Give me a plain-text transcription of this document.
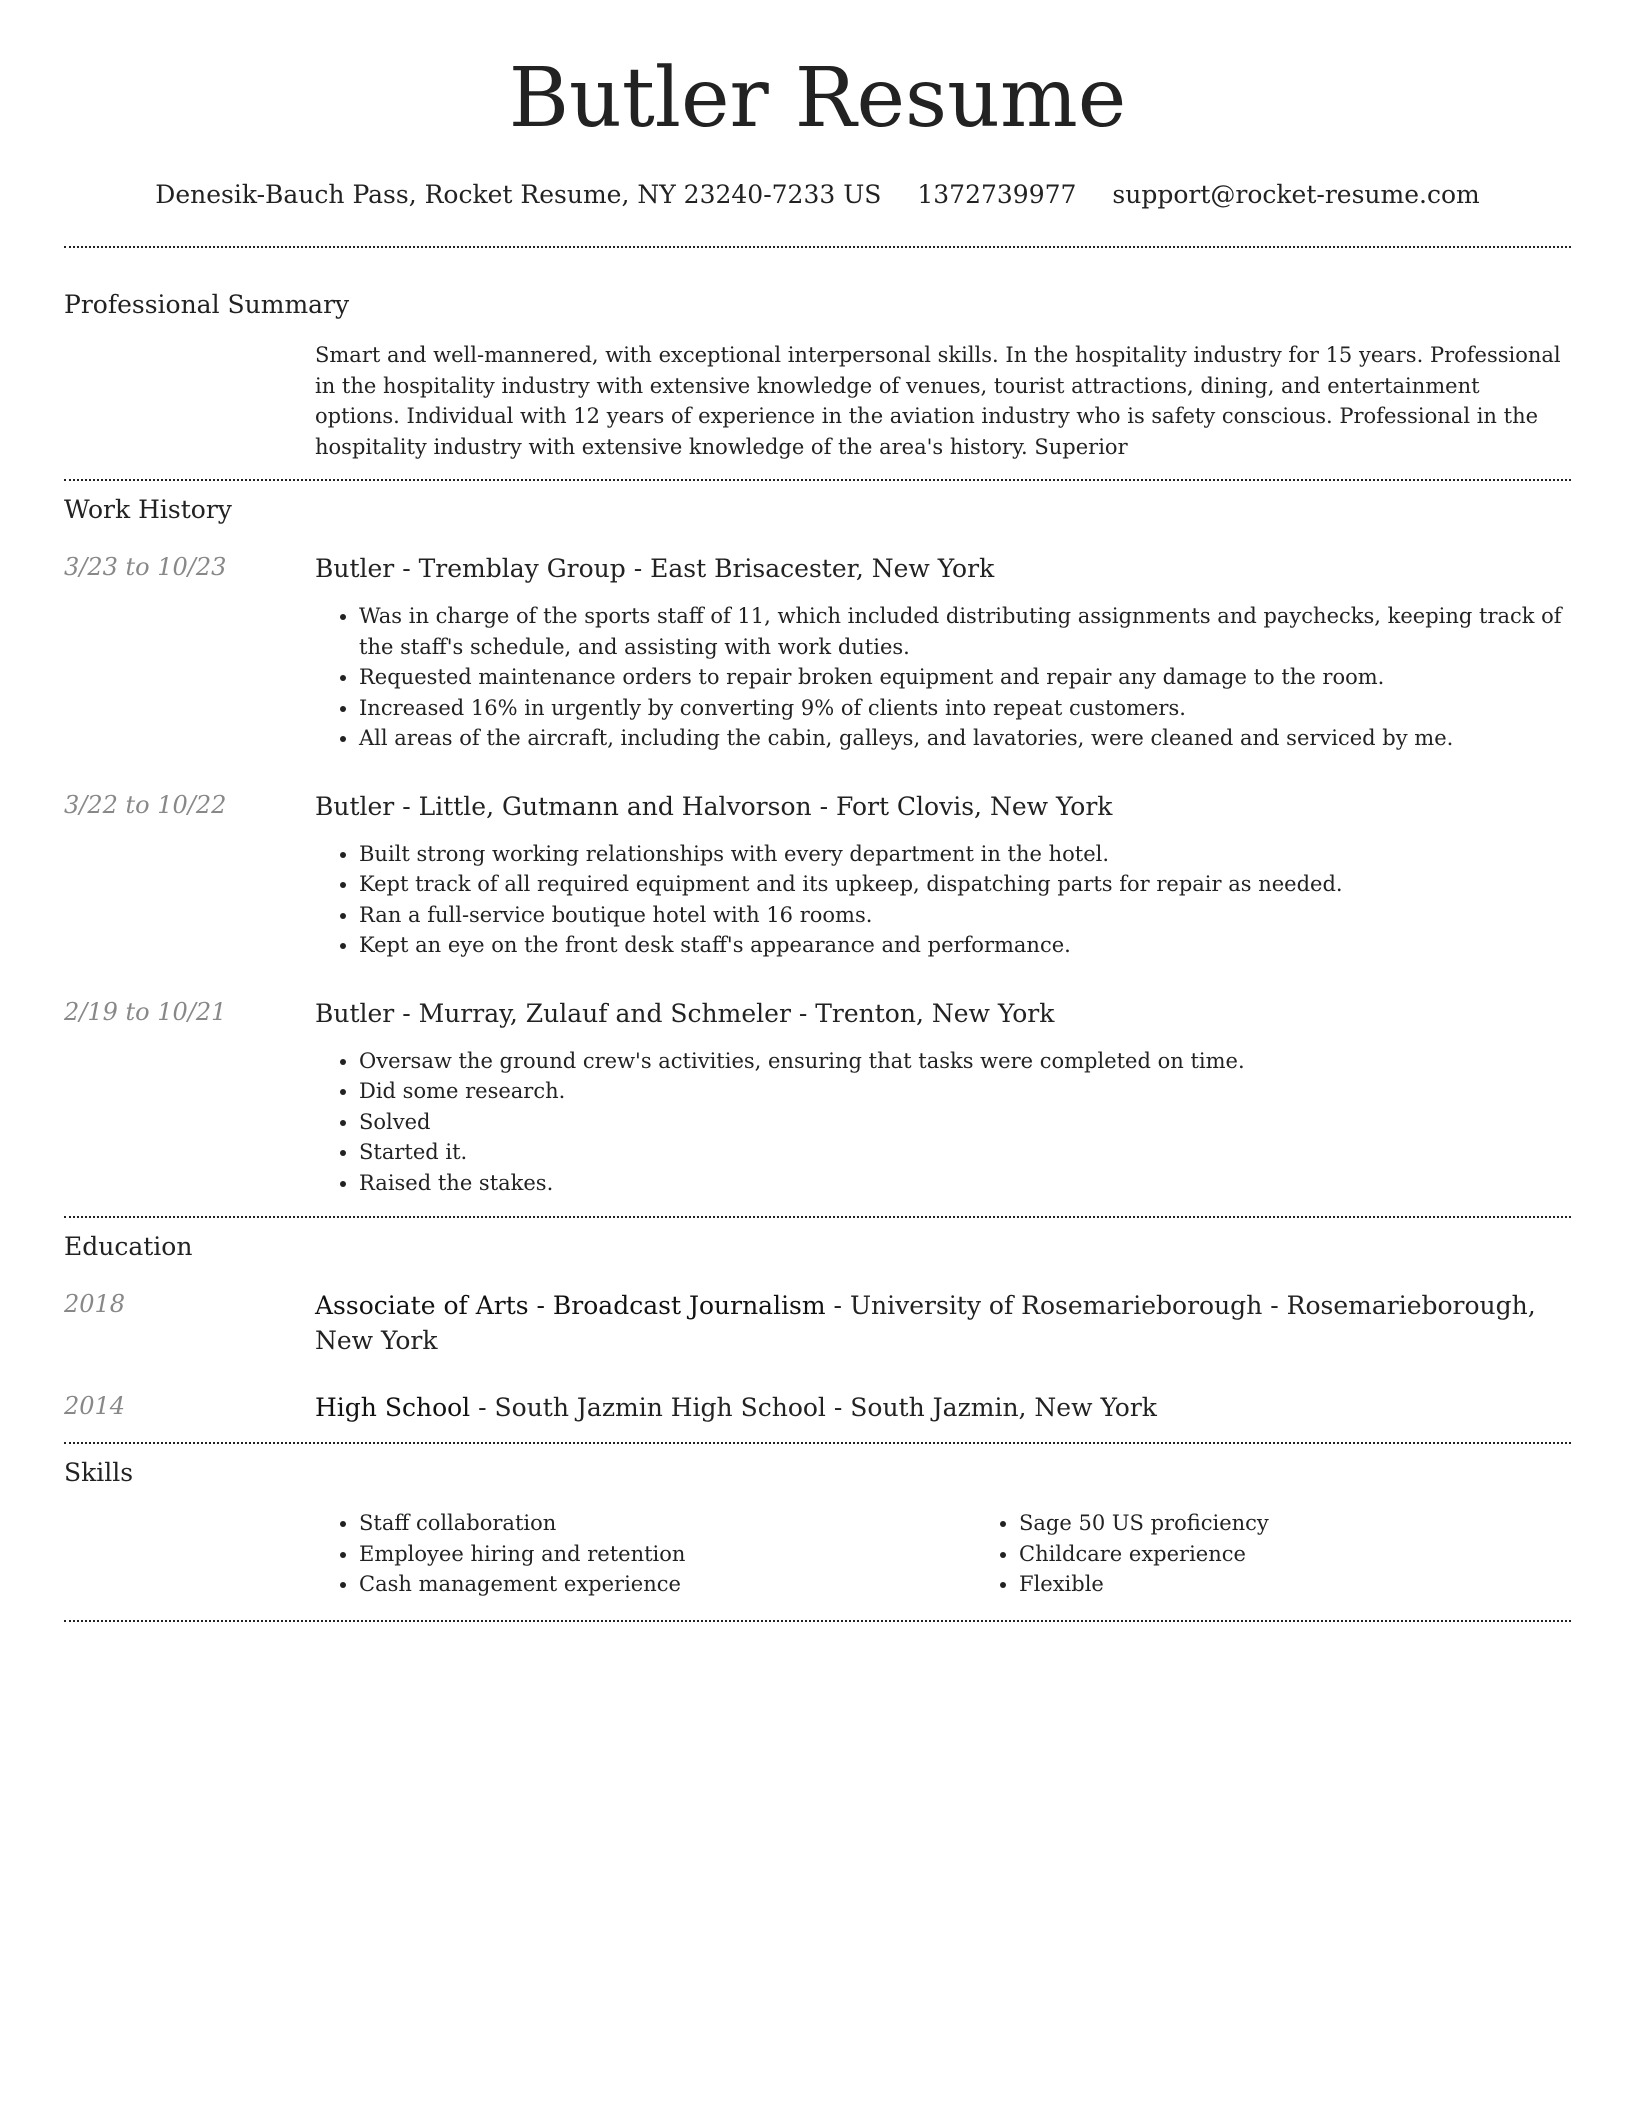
Butler Resume
Denesik-Bauch Pass, Rocket Resume, NY 23240-7233 US 1372739977 support@rocket-resume.com
Professional Summary
Smart and well-mannered, with exceptional interpersonal skills. In the hospitality industry for 15 years. Professional in the hospitality industry with extensive knowledge of venues, tourist attractions, dining, and entertainment options. Individual with 12 years of experience in the aviation industry who is safety conscious. Professional in the hospitality industry with extensive knowledge of the area's history. Superior
Work History
3/23 to 10/23	Butler - Tremblay Group - East Brisacester, New York
• Was in charge of the sports staff of 11, which included distributing assignments and paychecks, keeping track of the staff's schedule, and assisting with work duties.
• Requested maintenance orders to repair broken equipment and repair any damage to the room.
• Increased 16% in urgently by converting 9% of clients into repeat customers.
• All areas of the aircraft, including the cabin, galleys, and lavatories, were cleaned and serviced by me.
3/22 to 10/22	Butler - Little, Gutmann and Halvorson - Fort Clovis, New York
• Built strong working relationships with every department in the hotel.
• Kept track of all required equipment and its upkeep, dispatching parts for repair as needed.
• Ran a full-service boutique hotel with 16 rooms.
• Kept an eye on the front desk staff's appearance and performance.
2/19 to 10/21	Butler - Murray, Zulauf and Schmeler - Trenton, New York
• Oversaw the ground crew's activities, ensuring that tasks were completed on time.
• Did some research.
• Solved
• Started it.
• Raised the stakes.
Education
2018	Associate of Arts - Broadcast Journalism - University of Rosemarieborough - Rosemarieborough, New York
2014	High School - South Jazmin High School - South Jazmin, New York
Skills
• Staff collaboration
• Employee hiring and retention
• Cash management experience
• Sage 50 US proficiency
• Childcare experience
• Flexible
